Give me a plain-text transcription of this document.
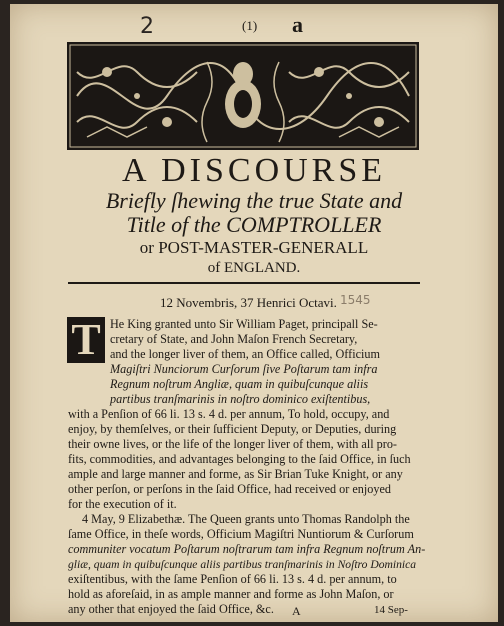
2	(1) a
A DISCOURSE
Briefly ſhewing the true State and
Title of the COMPTROLLER
or POST-MASTER-GENERALL
of ENGLAND.
12 Novembris, 37 Henrici Octavi. 1545
T He King granted unto Sir William Paget, principall Se-
cretary of State, and John Maſon French Secretary,
and the longer liver of them, an Office called, Officium
Magiſtri Nunciorum Curſorum ſive Poſtarum tam infra
Regnum noſtrum Angliæ, quam in quibuſcunque aliis
partibus tranſmarinis in noſtro dominico exiſtentibus,
with a Penſion of 66 li. 13 s. 4 d. per annum, To hold, occupy, and
enjoy, by themſelves, or their ſufficient Deputy, or Deputies, during
their owne lives, or the life of the longer liver of them, with all pro-
fits, commodities, and advantages belonging to the ſaid Office, in ſuch
ample and large manner and forme, as Sir Brian Tuke Knight, or any
other perſon, or perſons in the ſaid Office, had received or enjoyed
for the execution of it.
4 May, 9 Elizabethæ. The Queen grants unto Thomas Randolph the
ſame Office, in theſe words, Officium Magiſtri Nuntiorum & Curſorum
communiter vocatum Poſtarum noſtrarum tam infra Regnum noſtrum An-
gliæ, quam in quibuſcunque aliis partibus tranſmarinis in Noſtro Dominica
exiſtentibus, with the ſame Penſion of 66 li. 13 s. 4 d. per annum, to
hold as aforeſaid, in as ample manner and forme as John Maſon, or
any other that enjoyed the ſaid Office, &c. A	14 Sep-
